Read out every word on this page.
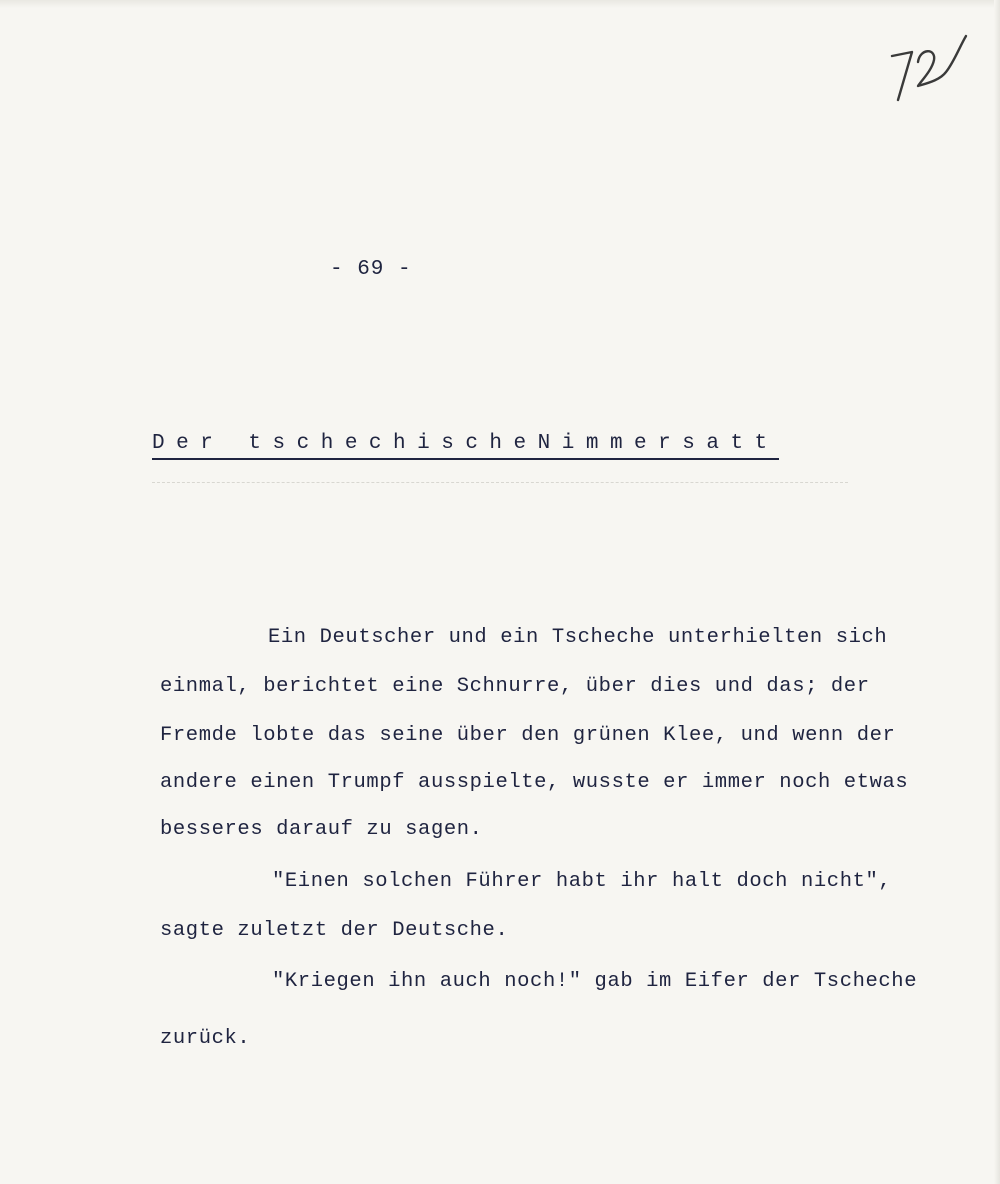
- 69 -
Der tschechischeNimmersatt
Ein Deutscher und ein Tscheche unterhielten sich
einmal, berichtet eine Schnurre, über dies und das; der
Fremde lobte das seine über den grünen Klee, und wenn der
andere einen Trumpf ausspielte, wusste er immer noch etwas
besseres darauf zu sagen.
"Einen solchen Führer habt ihr halt doch nicht",
sagte zuletzt der Deutsche.
"Kriegen ihn auch noch!" gab im Eifer der Tscheche
zurück.
